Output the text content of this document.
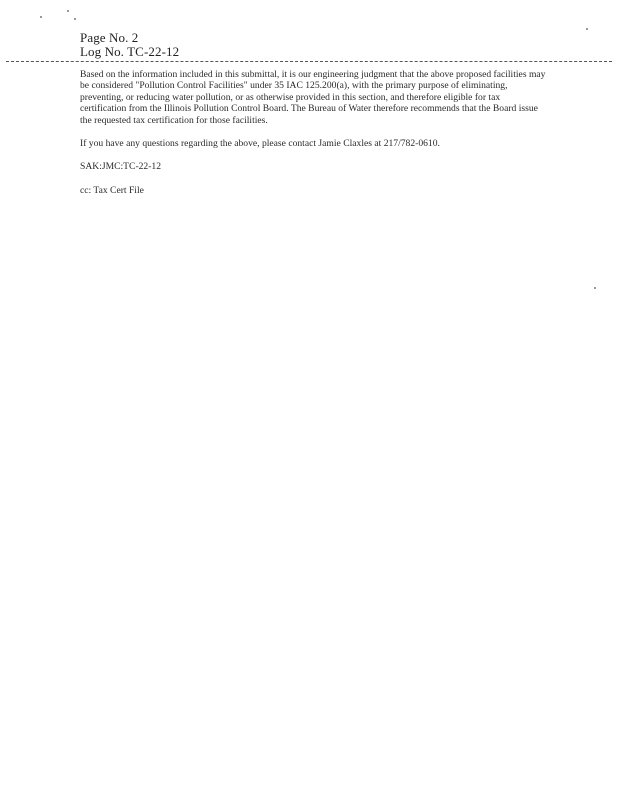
Page No. 2
Log No. TC-22-12

Based on the information included in this submittal, it is our engineering judgment that the above proposed facilities may be considered "Pollution Control Facilities" under 35 IAC 125.200(a), with the primary purpose of eliminating, preventing, or reducing water pollution, or as otherwise provided in this section, and therefore eligible for tax certification from the Illinois Pollution Control Board. The Bureau of Water therefore recommends that the Board issue the requested tax certification for those facilities.

If you have any questions regarding the above, please contact Jamie Claxles at 217/782-0610.

SAK:JMC:TC-22-12

cc: Tax Cert File
